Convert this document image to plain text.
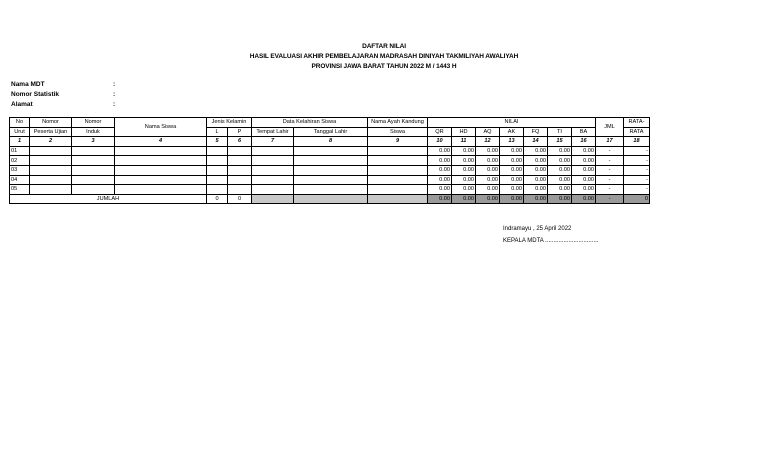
DAFTAR NILAI
HASIL EVALUASI AKHIR PEMBELAJARAN MADRASAH DINIYAH TAKMILIYAH AWALIYAH
PROVINSI JAWA BARAT TAHUN 2022 M / 1443 H
Nama MDT	:
Nomor Statistik	:
Alamat	:
No	Nomor	Nomor	Nama Siswa	Jenis Kelamin		Data Kelahiran Siswa		Nama Ayah Kandung	NILAI							JML	RATA-
Urut	Peserta Ujian	Induk		L	P	Tempat Lahir	Tanggal Lahir	Siswa	QR	HD	AQ	AK	FQ	TI	BA		RATA
1	2	3	4	5	6	7	8	9	10	11	12	13	14	15	16	17	18
01									0.00	0.00	0.00	0.00	0.00	0.00	0.00	-	-
02									0.00	0.00	0.00	0.00	0.00	0.00	0.00	-	-
03									0.00	0.00	0.00	0.00	0.00	0.00	0.00	-	-
04									0.00	0.00	0.00	0.00	0.00	0.00	0.00	-	-
05									0.00	0.00	0.00	0.00	0.00	0.00	0.00	-	-
JUMLAH				0	0				0.00	0.00	0.00	0.00	0.00	0.00	0.00	-	0
Indramayu , 25 April 2022
KEPALA MDTA ................................
